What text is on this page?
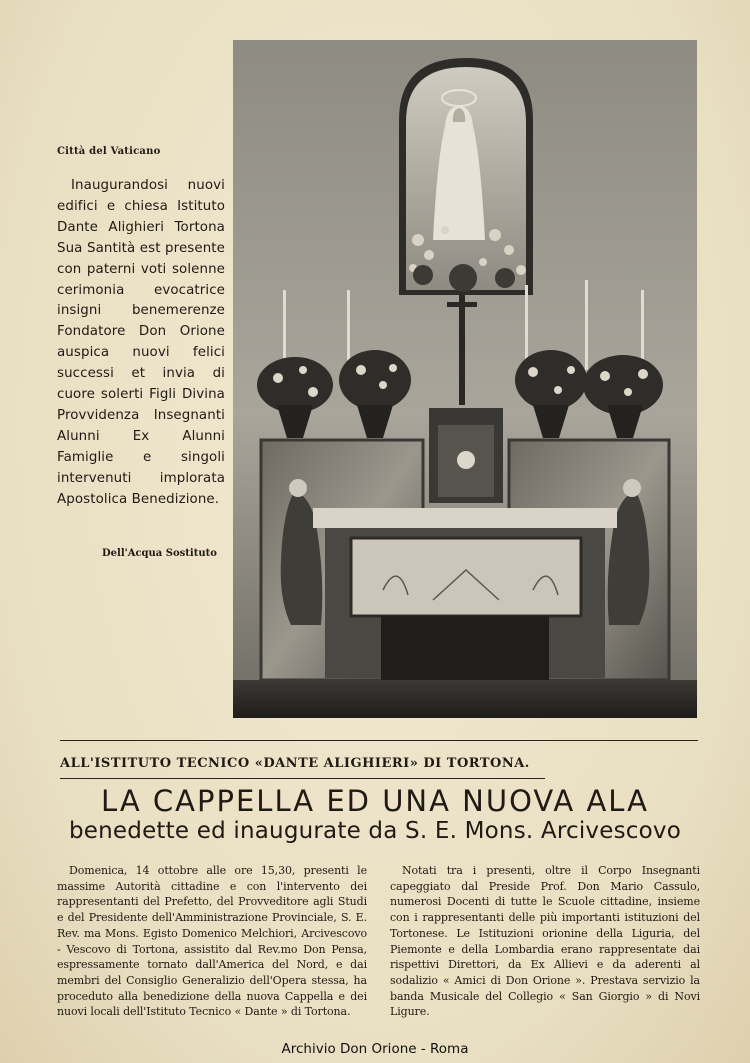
Città del Vaticano
Inaugurandosi nuovi edifici e chiesa Istituto Dante Alighieri Tortona Sua Santità est presente con paterni voti solenne cerimonia evocatrice insigni benemerenze Fondatore Don Orione auspica nuovi felici successi et invia di cuore solerti Figli Divina Provvidenza Insegnanti Alunni Ex Alunni Famiglie e singoli intervenuti implorata Apostolica Benedizione.
Dell'Acqua Sostituto
ALL'ISTITUTO TECNICO «DANTE ALIGHIERI» DI TORTONA.
LA CAPPELLA ED UNA NUOVA ALA
benedette ed inaugurate da S. E. Mons. Arcivescovo
Domenica, 14 ottobre alle ore 15,30, presenti le massime Autorità cittadine e con l'intervento dei rappresentanti del Prefetto, del Provveditore agli Studi e del Presidente dell'Amministrazione Provinciale, S. E. Rev. ma Mons. Egisto Domenico Melchiori, Arcivescovo - Vescovo di Tortona, assistito dal Rev.mo Don Pensa, espressamente tornato dall'America del Nord, e dai membri del Consiglio Generalizio dell'Opera stessa, ha proceduto alla benedizione della nuova Cappella e dei nuovi locali dell'Istituto Tecnico « Dante » di Tortona.
Notati tra i presenti, oltre il Corpo Insegnanti capeggiato dal Preside Prof. Don Mario Cassulo, numerosi Docenti di tutte le Scuole cittadine, insieme con i rappresentanti delle più importanti istituzioni del Tortonese. Le Istituzioni orionine della Liguria, del Piemonte e della Lombardia erano rappresentate dai rispettivi Direttori, da Ex Allievi e da aderenti al sodalizio « Amici di Don Orione ». Prestava servizio la banda Musicale del Collegio « San Giorgio » di Novi Ligure.
Archivio Don Orione - Roma
